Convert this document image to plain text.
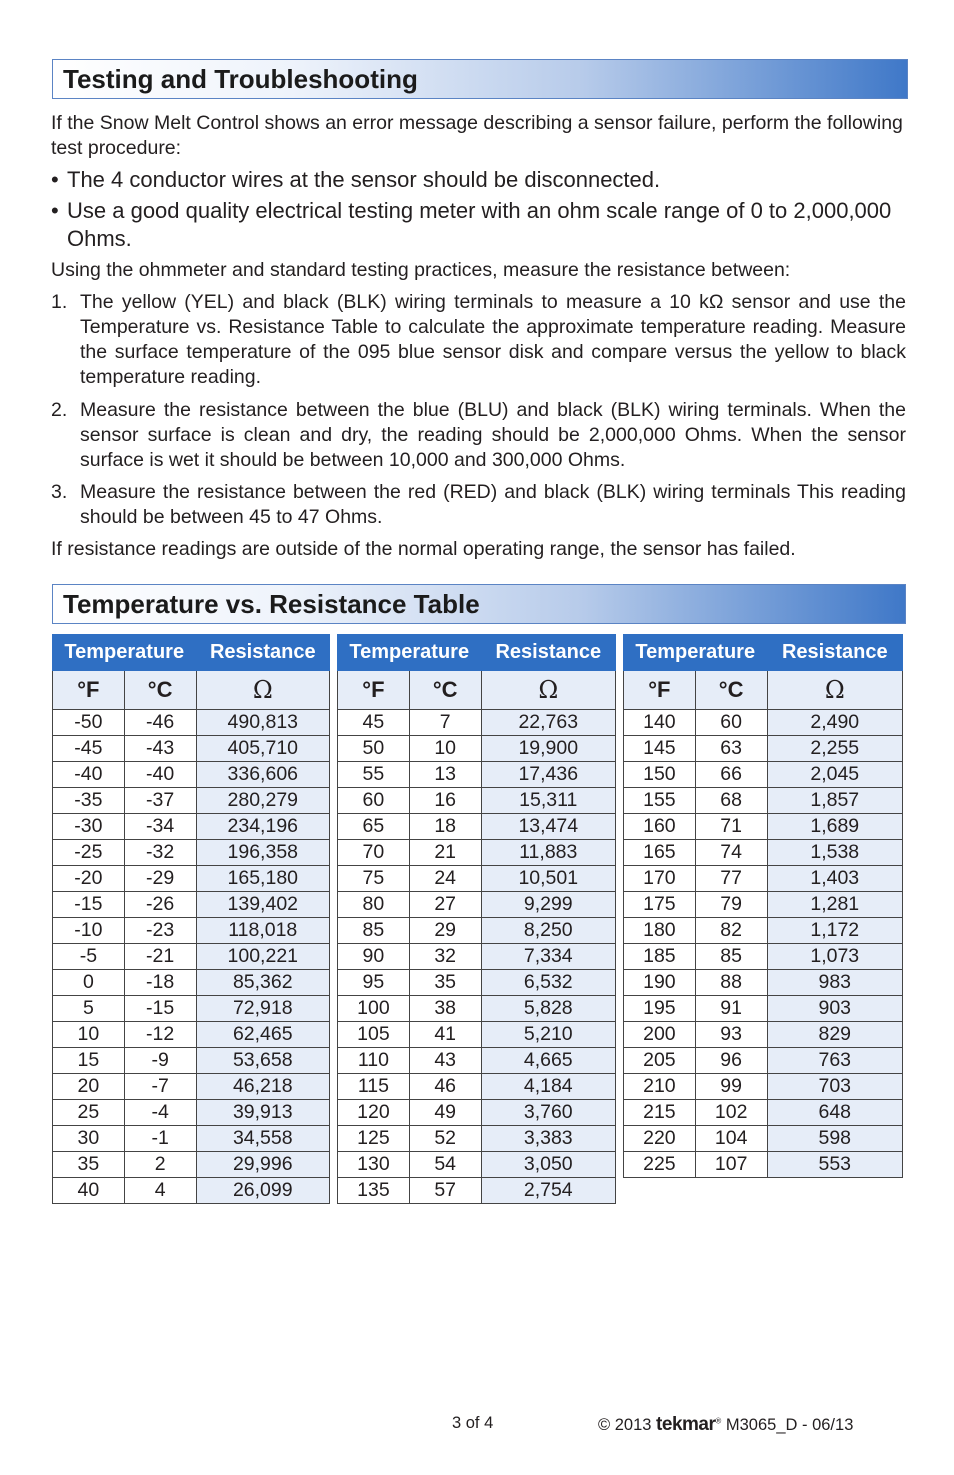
Testing and Troubleshooting
If the Snow Melt Control shows an error message describing a sensor failure, perform the following test procedure:
• The 4 conductor wires at the sensor should be disconnected.
• Use a good quality electrical testing meter with an ohm scale range of 0 to 2,000,000 Ohms.
Using the ohmmeter and standard testing practices, measure the resistance between:
1. The yellow (YEL) and black (BLK) wiring terminals to measure a 10 kΩ sensor and use the Temperature vs. Resistance Table to calculate the approximate temperature reading. Measure the surface temperature of the 095 blue sensor disk and compare versus the yellow to black temperature reading.
2. Measure the resistance between the blue (BLU) and black (BLK) wiring terminals. When the sensor surface is clean and dry, the reading should be 2,000,000 Ohms. When the sensor surface is wet it should be between 10,000 and 300,000 Ohms.
3. Measure the resistance between the red (RED) and black (BLK) wiring terminals This reading should be between 45 to 47 Ohms.
If resistance readings are outside of the normal operating range, the sensor has failed.
Temperature vs. Resistance Table
Temperature		Resistance
°F	°C	Ω
-50	-46	490,813
-45	-43	405,710
-40	-40	336,606
-35	-37	280,279
-30	-34	234,196
-25	-32	196,358
-20	-29	165,180
-15	-26	139,402
-10	-23	118,018
-5	-21	100,221
0	-18	85,362
5	-15	72,918
10	-12	62,465
15	-9	53,658
20	-7	46,218
25	-4	39,913
30	-1	34,558
35	2	29,996
40	4	26,099
Temperature		Resistance
°F	°C	Ω
45	7	22,763
50	10	19,900
55	13	17,436
60	16	15,311
65	18	13,474
70	21	11,883
75	24	10,501
80	27	9,299
85	29	8,250
90	32	7,334
95	35	6,532
100	38	5,828
105	41	5,210
110	43	4,665
115	46	4,184
120	49	3,760
125	52	3,383
130	54	3,050
135	57	2,754
Temperature		Resistance
°F	°C	Ω
140	60	2,490
145	63	2,255
150	66	2,045
155	68	1,857
160	71	1,689
165	74	1,538
170	77	1,403
175	79	1,281
180	82	1,172
185	85	1,073
190	88	983
195	91	903
200	93	829
205	96	763
210	99	703
215	102	648
220	104	598
225	107	553
3 of 4	© 2013 tekmar® M3065_D - 06/13
